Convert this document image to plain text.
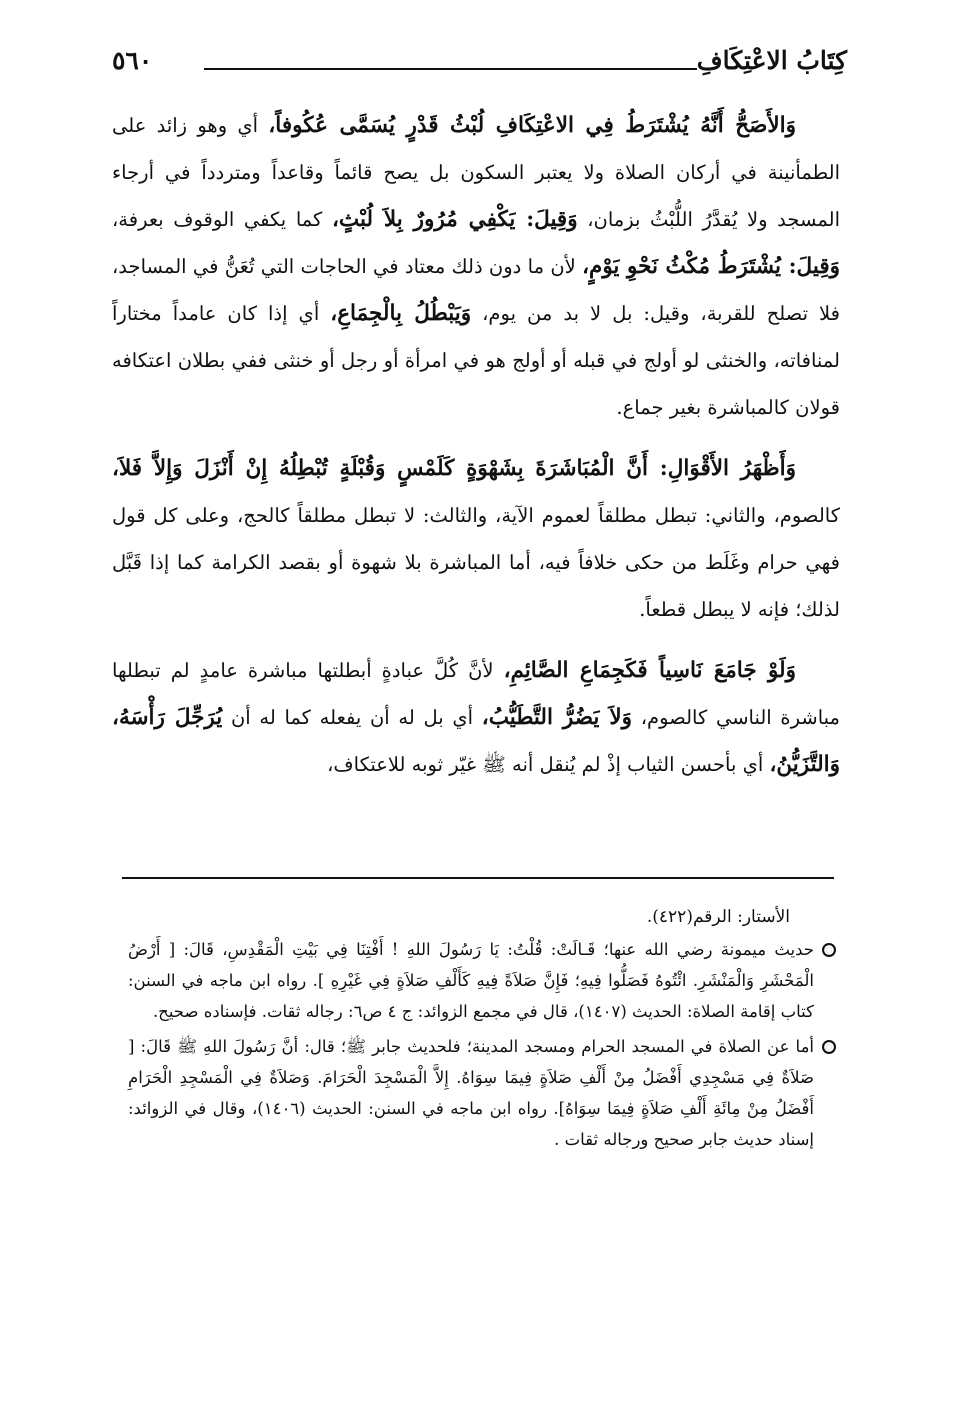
كِتَابُ الاعْتِكَافِ
٥٦٠

وَالأَصَحُّ أَنَّهُ يُشْتَرَطُ فِي الاعْتِكَافِ لُبْثُ قَدْرٍ يُسَمَّى عُكُوفاً، أي وهو زائد على الطمأنينة في أركان الصلاة ولا يعتبر السكون بل يصح قائماً وقاعداً ومتردداً في أرجاء المسجد ولا يُقدَّرُ اللُّبْثُ بزمان، وَقِيلَ: يَكْفِي مُرُورٌ بِلاَ لُبْثٍ، كما يكفي الوقوف بعرفة، وَقِيلَ: يُشْتَرَطُ مُكْثُ نَحْوِ يَوْمٍ، لأن ما دون ذلك معتاد في الحاجات التي تُعَنُّ في المساجد، فلا تصلح للقربة، وقيل: بل لا بد من يوم، وَيَبْطُلُ بِالْجِمَاعِ، أي إذا كان عامداً مختاراً لمنافاته، والخنثى لو أولج في قبله أو أولج هو في امرأة أو رجل أو خنثى ففي بطلان اعتكافه قولان كالمباشرة بغير جماع.

وَأَظْهَرُ الأَقْوَالِ: أَنَّ الْمُبَاشَرَةَ بِشَهْوَةٍ كَلَمْسٍ وَقُبْلَةٍ تُبْطِلُهُ إِنْ أَنْزَلَ وَإِلاَّ فَلاَ، كالصوم، والثاني: تبطل مطلقاً لعموم الآية، والثالث: لا تبطل مطلقاً كالحج، وعلى كل قول فهي حرام وغَلَط من حكى خلافاً فيه، أما المباشرة بلا شهوة أو بقصد الكرامة كما إذا قَبَّل لذلك؛ فإنه لا يبطل قطعاً.

وَلَوْ جَامَعَ نَاسِياً فَكَجِمَاعِ الصَّائِمِ، لأنَّ كُلَّ عبادةٍ أبطلتها مباشرة عامدٍ لم تبطلها مباشرة الناسي كالصوم، وَلاَ يَضُرُّ التَّطَيُّبُ، أي بل له أن يفعله كما له أن يُرَجِّلَ رَأْسَهُ، وَالتَّزَيُّنُ، أي بأحسن الثياب إذْ لم يُنقل أنه ﷺ غيّر ثوبه للاعتكاف،

الأستار: الرقم(٤٢٢).

حديث ميمونة رضي الله عنها؛ قَـالَتْ: قُلْتُ: يَا رَسُولَ اللهِ ! أَفْتِنَا فِي بَيْتِ الْمَقْدِسِ، قَالَ: [ أَرْضُ الْمَحْشَرِ وَالْمَنْشَرِ. ائْتُوهُ فَصَلُّوا فِيهِ؛ فَإِنَّ صَلاَةً فِيهِ كَأَلْفِ صَلاَةٍ فِي غَيْرِهِ ]. رواه ابن ماجه في السنن: كتاب إقامة الصلاة: الحديث (١٤٠٧)، قال في مجمع الزوائد: ج ٤ ص٦: رجاله ثقات. فإسناده صحيح.

أما عن الصلاة في المسجد الحرام ومسجد المدينة؛ فلحديث جابر ﷺ؛ قال: أنَّ رَسُولَ اللهِ ﷺ قَالَ: [ صَلاَةٌ فِي مَسْجِدِي أَفْضَلُ مِنْ أَلْفِ صَلاَةٍ فِيمَا سِوَاهُ. إِلاَّ الْمَسْجِدَ الْحَرَامَ. وَصَلاَةٌ فِي الْمَسْجِدِ الْحَرَامِ أَفْضَلُ مِنْ مِائَةِ أَلْفِ صَلاَةٍ فِيمَا سِوَاهُ]. رواه ابن ماجه في السنن: الحديث (١٤٠٦)، وقال في الزوائد: إسناد حديث جابر صحيح ورجاله ثقات .
